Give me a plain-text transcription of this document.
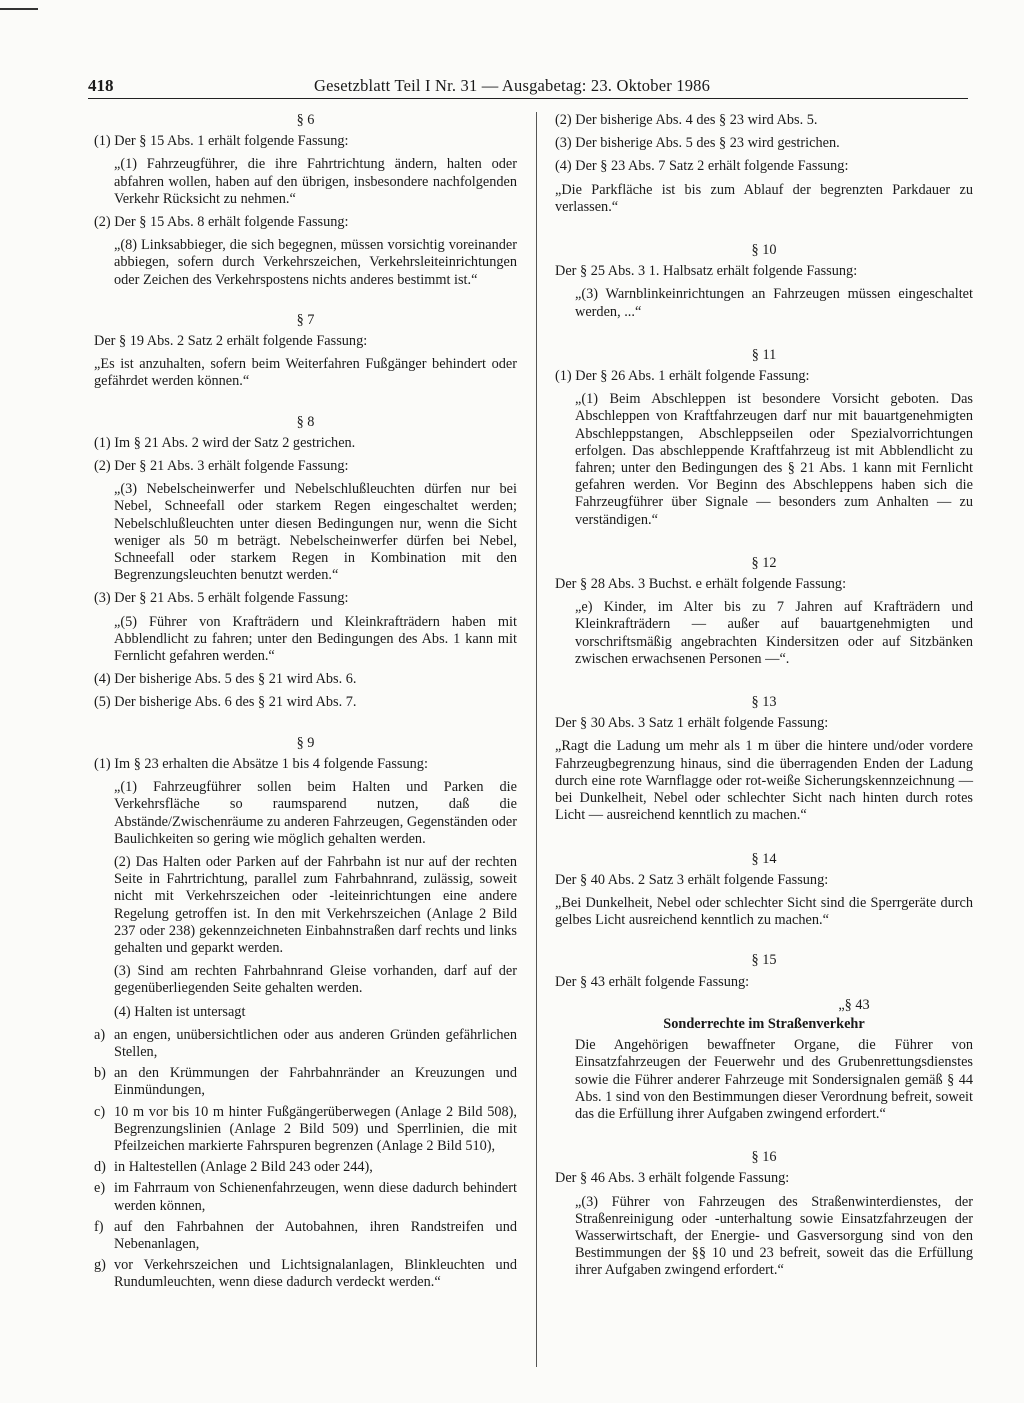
418	Gesetzblatt Teil I Nr. 31 — Ausgabetag: 23. Oktober 1986
§ 6

(1) Der § 15 Abs. 1 erhält folgende Fassung:

„(1) Fahrzeugführer, die ihre Fahrtrichtung ändern, halten oder abfahren wollen, haben auf den übrigen, insbesondere nachfolgenden Verkehr Rücksicht zu nehmen.“

(2) Der § 15 Abs. 8 erhält folgende Fassung:

„(8) Linksabbieger, die sich begegnen, müssen vorsichtig voreinander abbiegen, sofern durch Verkehrszeichen, Verkehrsleiteinrichtungen oder Zeichen des Verkehrspostens nichts anderes bestimmt ist.“

§ 7

Der § 19 Abs. 2 Satz 2 erhält folgende Fassung:

„Es ist anzuhalten, sofern beim Weiterfahren Fußgänger behindert oder gefährdet werden können.“

§ 8

(1) Im § 21 Abs. 2 wird der Satz 2 gestrichen.

(2) Der § 21 Abs. 3 erhält folgende Fassung:

„(3) Nebelscheinwerfer und Nebelschlußleuchten dürfen nur bei Nebel, Schneefall oder starkem Regen eingeschaltet werden; Nebelschlußleuchten unter diesen Bedingungen nur, wenn die Sicht weniger als 50 m beträgt. Nebelscheinwerfer dürfen bei Nebel, Schneefall oder starkem Regen in Kombination mit den Begrenzungsleuchten benutzt werden.“

(3) Der § 21 Abs. 5 erhält folgende Fassung:

„(5) Führer von Krafträdern und Kleinkrafträdern haben mit Abblendlicht zu fahren; unter den Bedingungen des Abs. 1 kann mit Fernlicht gefahren werden.“

(4) Der bisherige Abs. 5 des § 21 wird Abs. 6.

(5) Der bisherige Abs. 6 des § 21 wird Abs. 7.

§ 9

(1) Im § 23 erhalten die Absätze 1 bis 4 folgende Fassung:

„(1) Fahrzeugführer sollen beim Halten und Parken die Verkehrsfläche so raumsparend nutzen, daß die Abstände/Zwischenräume zu anderen Fahrzeugen, Gegenständen oder Baulichkeiten so gering wie möglich gehalten werden.

(2) Das Halten oder Parken auf der Fahrbahn ist nur auf der rechten Seite in Fahrtrichtung, parallel zum Fahrbahnrand, zulässig, soweit nicht mit Verkehrszeichen oder -leiteinrichtungen eine andere Regelung getroffen ist. In den mit Verkehrszeichen (Anlage 2 Bild 237 oder 238) gekennzeichneten Einbahnstraßen darf rechts und links gehalten und geparkt werden.

(3) Sind am rechten Fahrbahnrand Gleise vorhanden, darf auf der gegenüberliegenden Seite gehalten werden.

(4) Halten ist untersagt

a) an engen, unübersichtlichen oder aus anderen Gründen gefährlichen Stellen,
b) an den Krümmungen der Fahrbahnränder an Kreuzungen und Einmündungen,
c) 10 m vor bis 10 m hinter Fußgängerüberwegen (Anlage 2 Bild 508), Begrenzungslinien (Anlage 2 Bild 509) und Sperrlinien, die mit Pfeilzeichen markierte Fahrspuren begrenzen (Anlage 2 Bild 510),
d) in Haltestellen (Anlage 2 Bild 243 oder 244),
e) im Fahrraum von Schienenfahrzeugen, wenn diese dadurch behindert werden können,
f) auf den Fahrbahnen der Autobahnen, ihren Randstreifen und Nebenanlagen,
g) vor Verkehrszeichen und Lichtsignalanlagen, Blinkleuchten und Rundumleuchten, wenn diese dadurch verdeckt werden.“

(2) Der bisherige Abs. 4 des § 23 wird Abs. 5.

(3) Der bisherige Abs. 5 des § 23 wird gestrichen.

(4) Der § 23 Abs. 7 Satz 2 erhält folgende Fassung:

„Die Parkfläche ist bis zum Ablauf der begrenzten Parkdauer zu verlassen.“

§ 10

Der § 25 Abs. 3 1. Halbsatz erhält folgende Fassung:

„(3) Warnblinkeinrichtungen an Fahrzeugen müssen eingeschaltet werden, ...“

§ 11

(1) Der § 26 Abs. 1 erhält folgende Fassung:

„(1) Beim Abschleppen ist besondere Vorsicht geboten. Das Abschleppen von Kraftfahrzeugen darf nur mit bauartgenehmigten Abschleppstangen, Abschleppseilen oder Spezialvorrichtungen erfolgen. Das abschleppende Kraftfahrzeug ist mit Abblendlicht zu fahren; unter den Bedingungen des § 21 Abs. 1 kann mit Fernlicht gefahren werden. Vor Beginn des Abschleppens haben sich die Fahrzeugführer über Signale — besonders zum Anhalten — zu verständigen.“

§ 12

Der § 28 Abs. 3 Buchst. e erhält folgende Fassung:

„e) Kinder, im Alter bis zu 7 Jahren auf Krafträdern und Kleinkrafträdern — außer auf bauartgenehmigten und vorschriftsmäßig angebrachten Kindersitzen oder auf Sitzbänken zwischen erwachsenen Personen —“.

§ 13

Der § 30 Abs. 3 Satz 1 erhält folgende Fassung:

„Ragt die Ladung um mehr als 1 m über die hintere und/oder vordere Fahrzeugbegrenzung hinaus, sind die überragenden Enden der Ladung durch eine rote Warnflagge oder rot-weiße Sicherungskennzeichnung — bei Dunkelheit, Nebel oder schlechter Sicht nach hinten durch rotes Licht — ausreichend kenntlich zu machen.“

§ 14

Der § 40 Abs. 2 Satz 3 erhält folgende Fassung:

„Bei Dunkelheit, Nebel oder schlechter Sicht sind die Sperrgeräte durch gelbes Licht ausreichend kenntlich zu machen.“

§ 15

Der § 43 erhält folgende Fassung:

„§ 43
Sonderrechte im Straßenverkehr

Die Angehörigen bewaffneter Organe, die Führer von Einsatzfahrzeugen der Feuerwehr und des Grubenrettungsdienstes sowie die Führer anderer Fahrzeuge mit Sondersignalen gemäß § 44 Abs. 1 sind von den Bestimmungen dieser Verordnung befreit, soweit das die Erfüllung ihrer Aufgaben zwingend erfordert.“

§ 16

Der § 46 Abs. 3 erhält folgende Fassung:

„(3) Führer von Fahrzeugen des Straßenwinterdienstes, der Straßenreinigung oder -unterhaltung sowie Einsatzfahrzeugen der Wasserwirtschaft, der Energie- und Gasversorgung sind von den Bestimmungen der §§ 10 und 23 befreit, soweit das die Erfüllung ihrer Aufgaben zwingend erfordert.“
